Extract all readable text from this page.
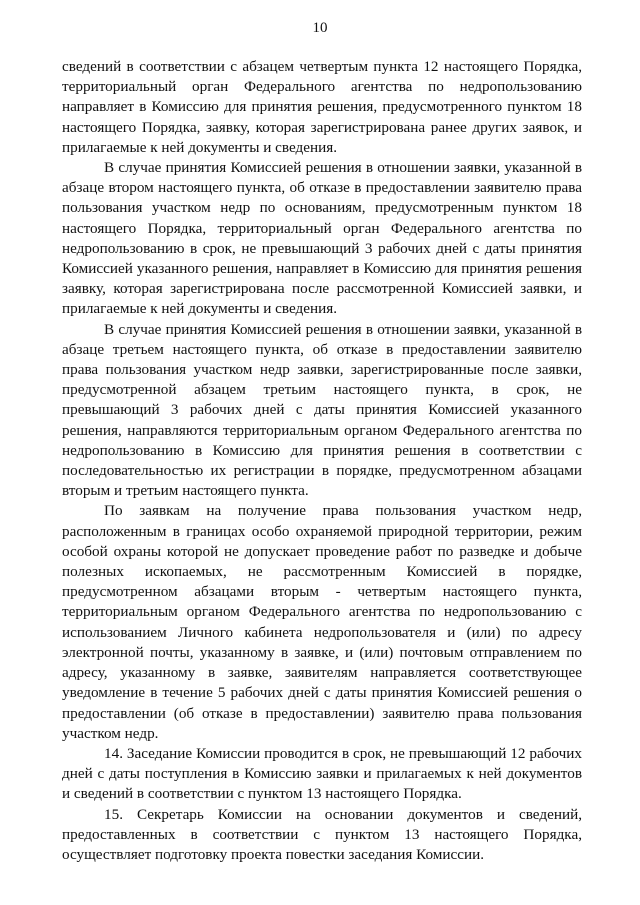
10

сведений в соответствии с абзацем четвертым пункта 12 настоящего Порядка, территориальный орган Федерального агентства по недропользованию направляет в Комиссию для принятия решения, предусмотренного пунктом 18 настоящего Порядка, заявку, которая зарегистрирована ранее других заявок, и прилагаемые к ней документы и сведения.

В случае принятия Комиссией решения в отношении заявки, указанной в абзаце втором настоящего пункта, об отказе в предоставлении заявителю права пользования участком недр по основаниям, предусмотренным пунктом 18 настоящего Порядка, территориальный орган Федерального агентства по недропользованию в срок, не превышающий 3 рабочих дней с даты принятия Комиссией указанного решения, направляет в Комиссию для принятия решения заявку, которая зарегистрирована после рассмотренной Комиссией заявки, и прилагаемые к ней документы и сведения.

В случае принятия Комиссией решения в отношении заявки, указанной в абзаце третьем настоящего пункта, об отказе в предоставлении заявителю права пользования участком недр заявки, зарегистрированные после заявки, предусмотренной абзацем третьим настоящего пункта, в срок, не превышающий 3 рабочих дней с даты принятия Комиссией указанного решения, направляются территориальным органом Федерального агентства по недропользованию в Комиссию для принятия решения в соответствии с последовательностью их регистрации в порядке, предусмотренном абзацами вторым и третьим настоящего пункта.

По заявкам на получение права пользования участком недр, расположенным в границах особо охраняемой природной территории, режим особой охраны которой не допускает проведение работ по разведке и добыче полезных ископаемых, не рассмотренным Комиссией в порядке, предусмотренном абзацами вторым - четвертым настоящего пункта, территориальным органом Федерального агентства по недропользованию с использованием Личного кабинета недропользователя и (или) по адресу электронной почты, указанному в заявке, и (или) почтовым отправлением по адресу, указанному в заявке, заявителям направляется соответствующее уведомление в течение 5 рабочих дней с даты принятия Комиссией решения о предоставлении (об отказе в предоставлении) заявителю права пользования участком недр.

14. Заседание Комиссии проводится в срок, не превышающий 12 рабочих дней с даты поступления в Комиссию заявки и прилагаемых к ней документов и сведений в соответствии с пунктом 13 настоящего Порядка.

15. Секретарь Комиссии на основании документов и сведений, предоставленных в соответствии с пунктом 13 настоящего Порядка, осуществляет подготовку проекта повестки заседания Комиссии.
